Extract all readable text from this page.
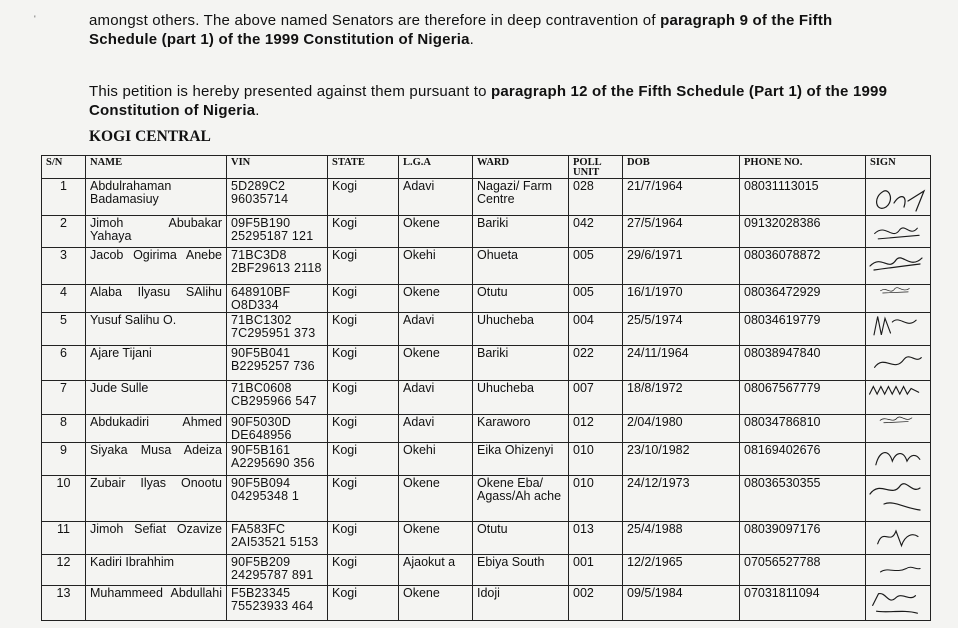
'	amongst others. The above named Senators are therefore in deep contravention of paragraph 9 of the Fifth Schedule (part 1) of the 1999 Constitution of Nigeria.
This petition is hereby presented against them pursuant to paragraph 12 of the Fifth Schedule (Part 1) of the 1999 Constitution of Nigeria.
KOGI CENTRAL
S/N	NAME	VIN	STATE	L.G.A	WARD	POLL UNIT	DOB	PHONE NO.	SIGN
1	Abdulrahaman Badamasiuy	5D289C2 96035714	Kogi	Adavi	Nagazi/ Farm Centre	028	21/7/1964	08031113015	

2	Jimoh Abubakar Yahaya	09F5B190 25295187 121	Kogi	Okene	Bariki	042	27/5/1964	09132028386	

3	Jacob Ogirima Anebe	71BC3D8 2BF29613 2118	Kogi	Okehi	Ohueta	005	29/6/1971	08036078872	

4	Alaba Ilyasu SAlihu	648910BF O8D334	Kogi	Okene	Otutu	005	16/1/1970	08036472929	

5	Yusuf Salihu O.	71BC1302 7C295951 373	Kogi	Adavi	Uhucheba	004	25/5/1974	08034619779	

6	Ajare Tijani	90F5B041 B2295257 736	Kogi	Okene	Bariki	022	24/11/1964	08038947840	

7	Jude Sulle	71BC0608 CB295966 547	Kogi	Adavi	Uhucheba	007	18/8/1972	08067567779	

8	Abdukadiri Ahmed	90F5030D DE648956	Kogi	Adavi	Karaworo	012	2/04/1980	08034786810	

9	Siyaka Musa Adeiza	90F5B161 A2295690 356	Kogi	Okehi	Eika Ohizenyi	010	23/10/1982	08169402676	

10	Zubair Ilyas Onootu	90F5B094 04295348 1	Kogi	Okene	Okene Eba/ Agass/Ah ache	010	24/12/1973	08036530355	

11	Jimoh Sefiat Ozavize	FA583FC 2AI53521 5153	Kogi	Okene	Otutu	013	25/4/1988	08039097176	

12	Kadiri Ibrahhim	90F5B209 24295787 891	Kogi	Ajaokut a	Ebiya South	001	12/2/1965	07056527788	

13	Muhammeed Abdullahi	F5B23345 75523933 464	Kogi	Okene	Idoji	002	09/5/1984	07031811094	
